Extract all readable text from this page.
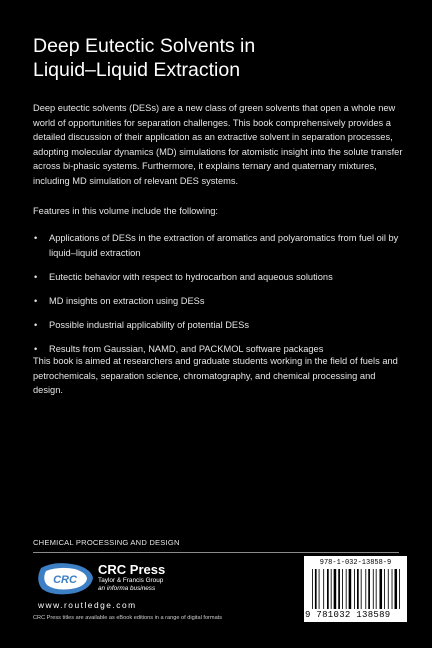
Deep Eutectic Solvents in
Liquid–Liquid Extraction

Deep eutectic solvents (DESs) are a new class of green solvents that open a whole new world of opportunities for separation challenges. This book comprehensively provides a detailed discussion of their application as an extractive solvent in separation processes, adopting molecular dynamics (MD) simulations for atomistic insight into the solute transfer across bi-phasic systems. Furthermore, it explains ternary and quaternary mixtures, including MD simulation of relevant DES systems.

Features in this volume include the following:

• Applications of DESs in the extraction of aromatics and polyaromatics from fuel oil by liquid–liquid extraction
• Eutectic behavior with respect to hydrocarbon and aqueous solutions
• MD insights on extraction using DESs
• Possible industrial applicability of potential DESs
• Results from Gaussian, NAMD, and PACKMOL software packages

This book is aimed at researchers and graduate students working in the field of fuels and petrochemicals, separation science, chromatography, and chemical processing and design.

CHEMICAL PROCESSING AND DESIGN
CRC
CRC Press
Taylor & Francis Group
an informa business
www.routledge.com
CRC Press titles are available as eBook editions in a range of digital formats
978-1-032-13858-9
9 781032 138589
